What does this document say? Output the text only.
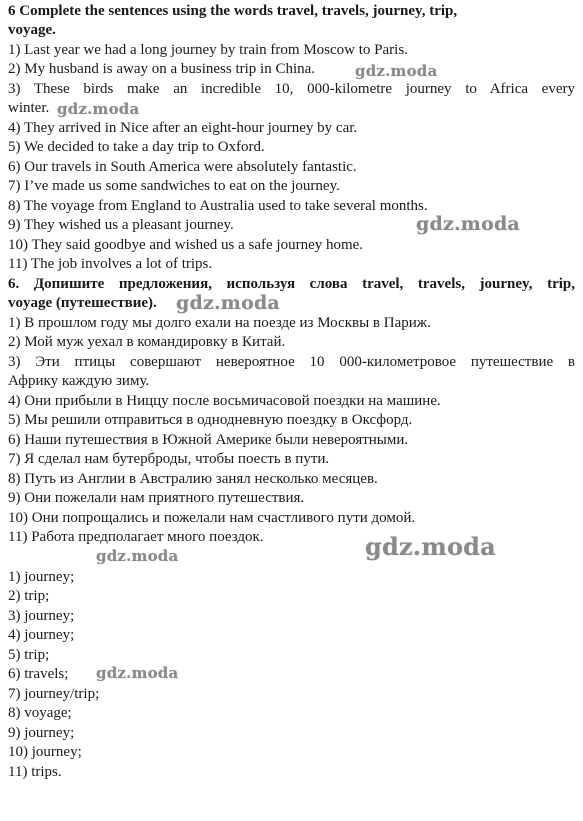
6 Complete the sentences using the words travel, travels, journey, trip,
voyage.
1) Last year we had a long journey by train from Moscow to Paris.
2) My husband is away on a business trip in China.
3) These birds make an incredible 10, 000-kilometre journey to Africa every
winter.
4) They arrived in Nice after an eight-hour journey by car.
5) We decided to take a day trip to Oxford.
6) Our travels in South America were absolutely fantastic.
7) I’ve made us some sandwiches to eat on the journey.
8) The voyage from England to Australia used to take several months.
9) They wished us a pleasant journey.
10) They said goodbye and wished us a safe journey home.
11) The job involves a lot of trips.
6. Допишите предложения, используя слова travel, travels, journey, trip,
voyage (путешествие).
1) В прошлом году мы долго ехали на поезде из Москвы в Париж.
2) Мой муж уехал в командировку в Китай.
3) Эти птицы совершают невероятное 10 000-километровое путешествие в
Африку каждую зиму.
4) Они прибыли в Ниццу после восьмичасовой поездки на машине.
5) Мы решили отправиться в однодневную поездку в Оксфорд.
6) Наши путешествия в Южной Америке были невероятными.
7) Я сделал нам бутерброды, чтобы поесть в пути.
8) Путь из Англии в Австралию занял несколько месяцев.
9) Они пожелали нам приятного путешествия.
10) Они попрощались и пожелали нам счастливого пути домой.
11) Работа предполагает много поездок.
1) journey;
2) trip;
3) journey;
4) journey;
5) trip;
6) travels;
7) journey/trip;
8) voyage;
9) journey;
10) journey;
11) trips.
gdz.moda
gdz.moda
gdz.moda
gdz.moda
gdz.moda
gdz.moda
gdz.moda
